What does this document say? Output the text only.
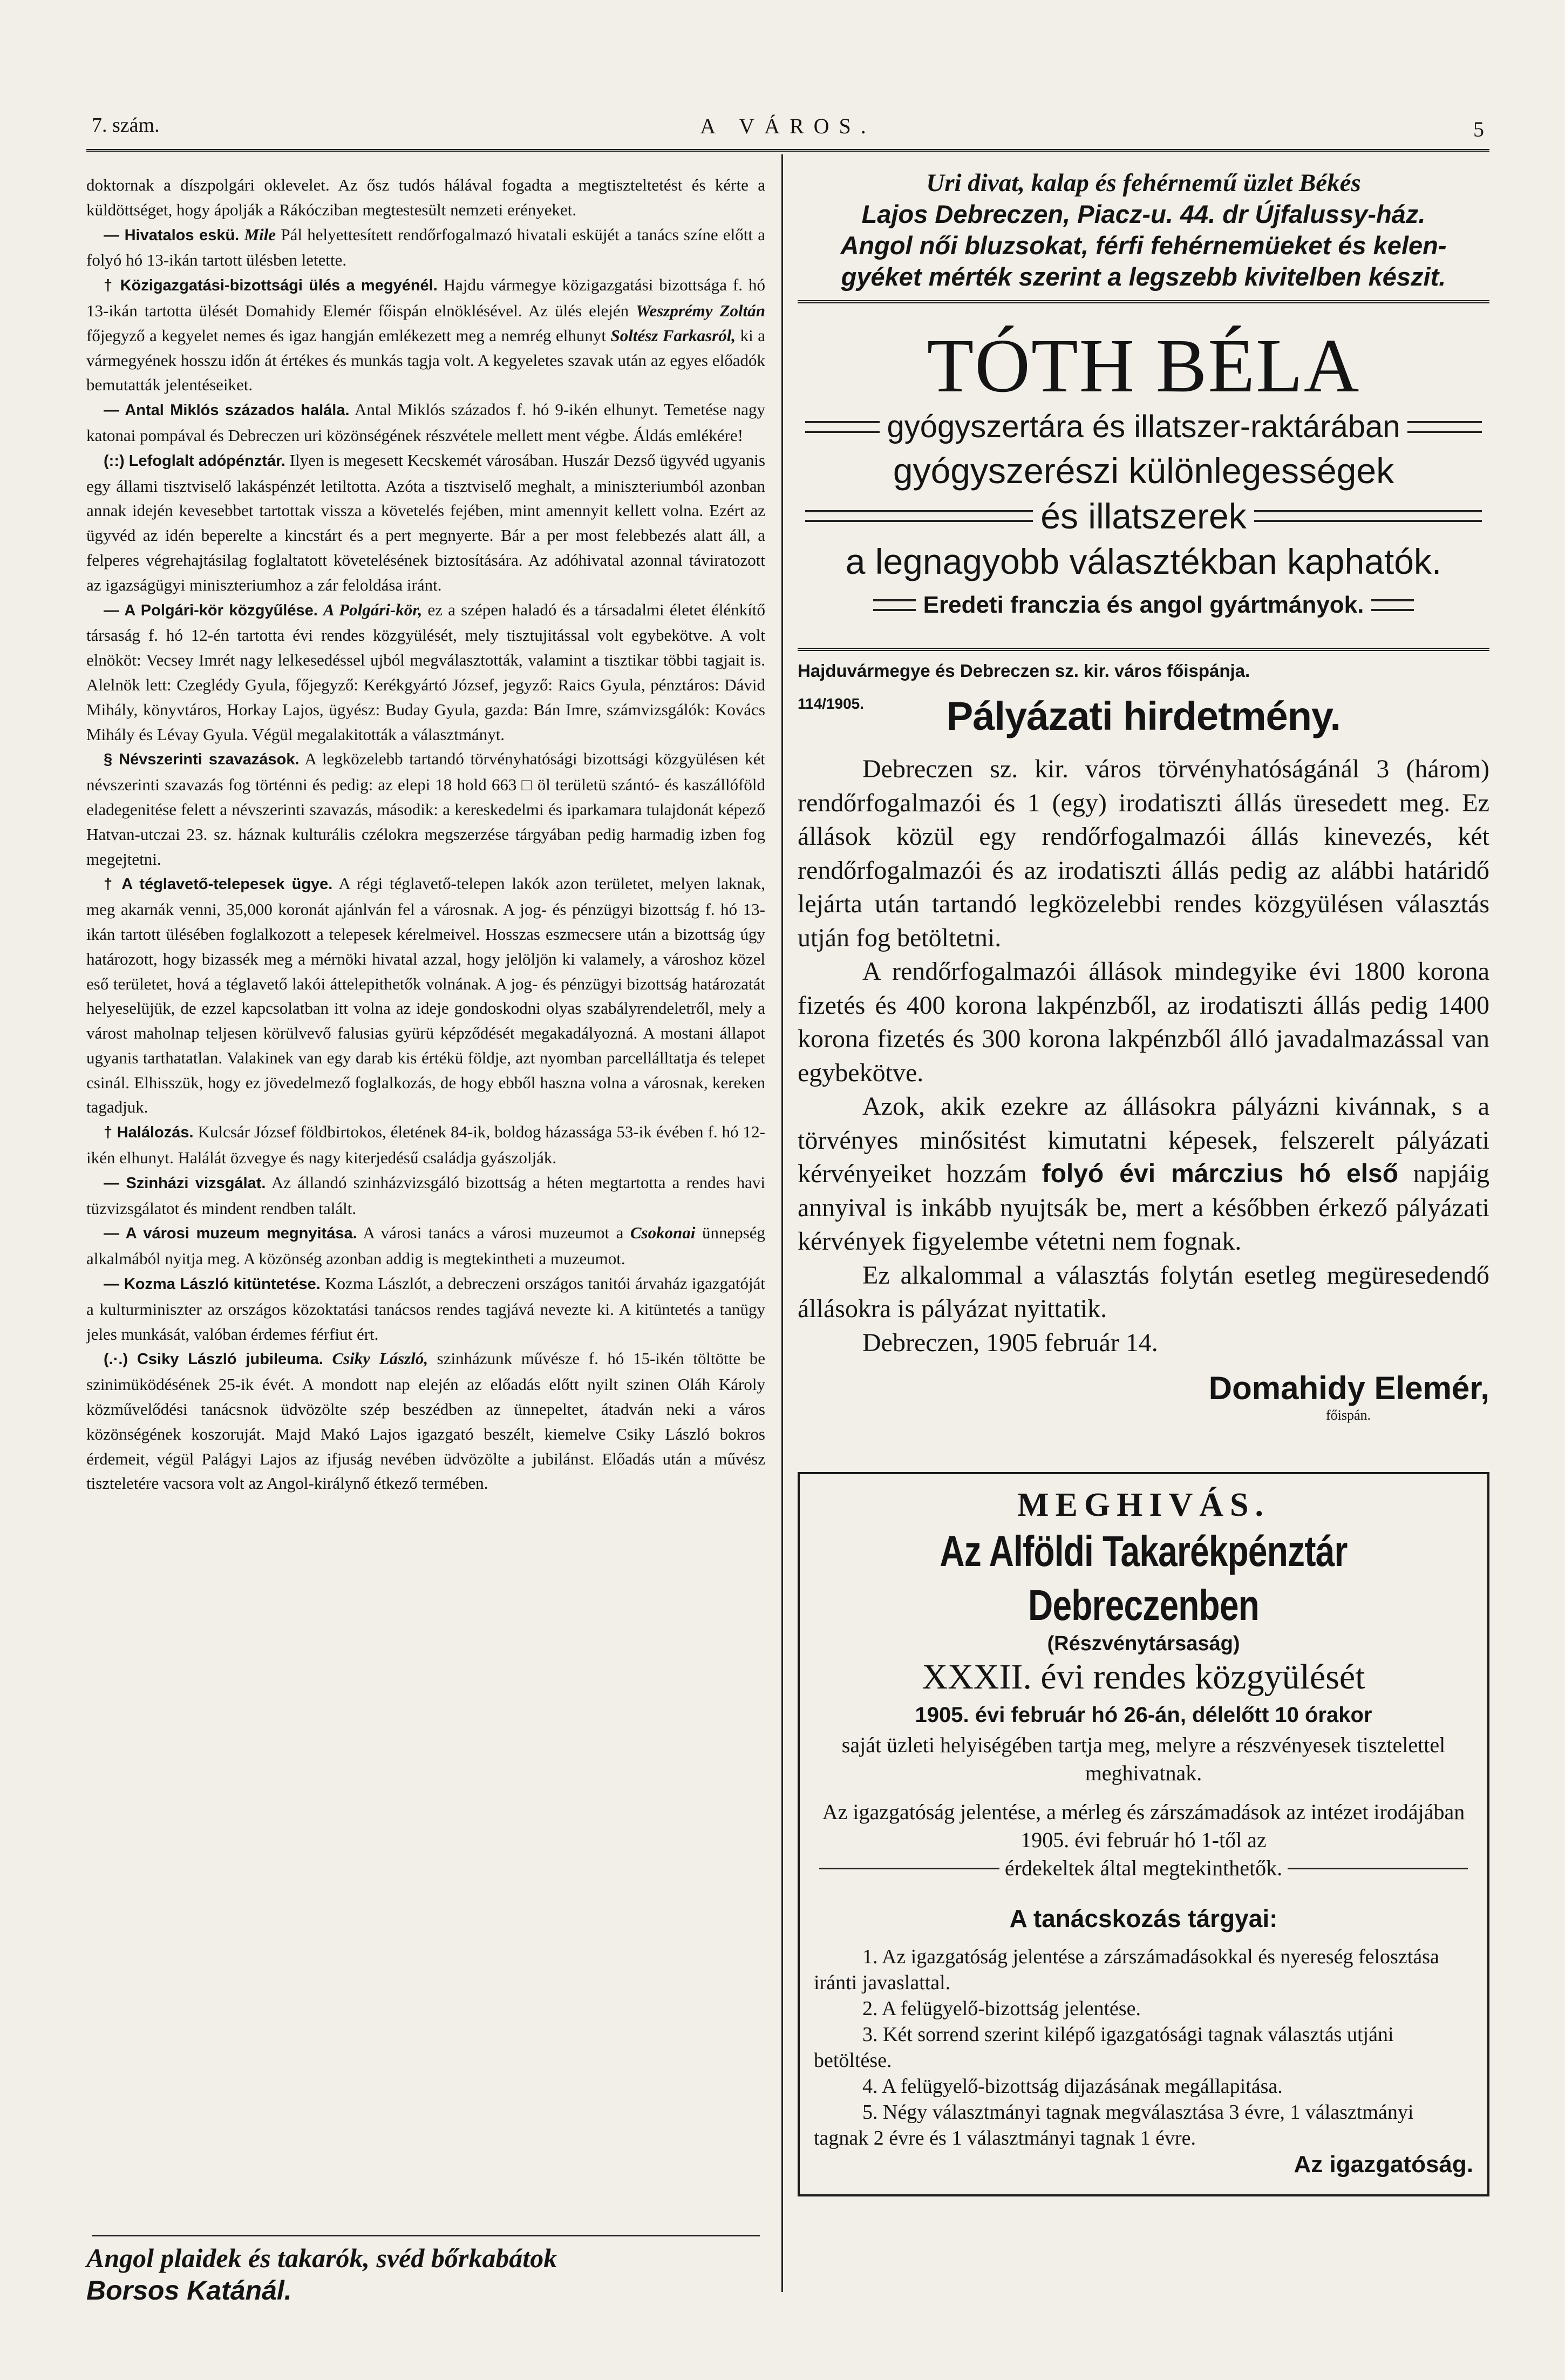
7. szám.	A VÁROS.	5

doktornak a díszpolgári oklevelet. Az ősz tudós hálával fogadta a megtiszteltetést és kérte a küldöttséget, hogy ápolják a Rákócziban megtestesült nemzeti erényeket.

— Hivatalos eskü. Mile Pál helyettesített rendőrfogalmazó hivatali esküjét a tanács színe előtt a folyó hó 13-ikán tartott ülésben letette.

† Közigazgatási-bizottsági ülés a megyénél. Hajdu vármegye közigazgatási bizottsága f. hó 13-ikán tartotta ülését Domahidy Elemér főispán elnöklésével. Az ülés elején Weszprémy Zoltán főjegyző a kegyelet nemes és igaz hangján emlékezett meg a nemrég elhunyt Soltész Farkasról, ki a vármegyének hosszu időn át értékes és munkás tagja volt. A kegyeletes szavak után az egyes előadók bemutatták jelentéseiket.

— Antal Miklós százados halála. Antal Miklós százados f. hó 9-ikén elhunyt. Temetése nagy katonai pompával és Debreczen uri közönségének részvétele mellett ment végbe. Áldás emlékére!

(::) Lefoglalt adópénztár. Ilyen is megesett Kecskemét városában. Huszár Dezső ügyvéd ugyanis egy állami tisztviselő lakáspénzét letiltotta. Azóta a tisztviselő meghalt, a miniszteriumból azonban annak idején kevesebbet tartottak vissza a követelés fejében, mint amennyit kellett volna. Ezért az ügyvéd az idén beperelte a kincstárt és a pert megnyerte. Bár a per most felebbezés alatt áll, a felperes végrehajtásilag foglaltatott követelésének biztosítására. Az adóhivatal azonnal táviratozott az igazságügyi miniszteriumhoz a zár feloldása iránt.

— A Polgári-kör közgyűlése. A Polgári-kör, ez a szépen haladó és a társadalmi életet élénkítő társaság f. hó 12-én tartotta évi rendes közgyülését, mely tisztujitással volt egybekötve. A volt elnököt: Vecsey Imrét nagy lelkesedéssel ujból megválasztották, valamint a tisztikar többi tagjait is. Alelnök lett: Czeglédy Gyula, főjegyző: Kerékgyártó József, jegyző: Raics Gyula, pénztáros: Dávid Mihály, könyvtáros, Horkay Lajos, ügyész: Buday Gyula, gazda: Bán Imre, számvizsgálók: Kovács Mihály és Lévay Gyula. Végül megalakitották a választmányt.

§ Névszerinti szavazások. A legközelebb tartandó törvényhatósági bizottsági közgyülésen két névszerinti szavazás fog történni és pedig: az elepi 18 hold 663 □ öl területü szántó- és kaszállóföld eladegenitése felett a névszerinti szavazás, második: a kereskedelmi és iparkamara tulajdonát képező Hatvan-utczai 23. sz. háznak kulturális czélokra megszerzése tárgyában pedig harmadig izben fog megejtetni.

† A téglavető-telepesek ügye. A régi téglavető-telepen lakók azon területet, melyen laknak, meg akarnák venni, 35,000 koronát ajánlván fel a városnak. A jog- és pénzügyi bizottság f. hó 13-ikán tartott ülésében foglalkozott a telepesek kérelmeivel. Hosszas eszmecsere után a bizottság úgy határozott, hogy bizassék meg a mérnöki hivatal azzal, hogy jelöljön ki valamely, a városhoz közel eső területet, hová a téglavető lakói áttelepithetők volnának. A jog- és pénzügyi bizottság határozatát helyeselüjük, de ezzel kapcsolatban itt volna az ideje gondoskodni olyas szabályrendeletről, mely a várost maholnap teljesen körülvevő falusias gyürü képződését megakadályozná. A mostani állapot ugyanis tarthatatlan. Valakinek van egy darab kis értékü földje, azt nyomban parcellálltatja és telepet csinál. Elhisszük, hogy ez jövedelmező foglalkozás, de hogy ebből haszna volna a városnak, kereken tagadjuk.

† Halálozás. Kulcsár József földbirtokos, életének 84-ik, boldog házassága 53-ik évében f. hó 12-ikén elhunyt. Halálát özvegye és nagy kiterjedésű családja gyászolják.

— Szinházi vizsgálat. Az állandó szinházvizsgáló bizottság a héten megtartotta a rendes havi tüzvizsgálatot és mindent rendben talált.

— A városi muzeum megnyitása. A városi tanács a városi muzeumot a Csokonai ünnepség alkalmából nyitja meg. A közönség azonban addig is megtekintheti a muzeumot.

— Kozma László kitüntetése. Kozma Lászlót, a debreczeni országos tanitói árvaház igazgatóját a kulturminiszter az országos közoktatási tanácsos rendes tagjává nevezte ki. A kitüntetés a tanügy jeles munkását, valóban érdemes férfiut ért.

(.·.) Csiky László jubileuma. Csiky László, szinházunk művésze f. hó 15-ikén töltötte be szinimüködésének 25-ik évét. A mondott nap elején az előadás előtt nyilt szinen Oláh Károly közművelődési tanácsnok üdvözölte szép beszédben az ünnepeltet, átadván neki a város közönségének koszoruját. Majd Makó Lajos igazgató beszélt, kiemelve Csiky László bokros érdemeit, végül Palágyi Lajos az ifjuság nevében üdvözölte a jubilánst. Előadás után a művész tiszteletére vacsora volt az Angol-királynő étkező termében.

Angol plaidek és takarók, svéd bőrkabátok
Borsos Katánál.
Uri divat, kalap és fehérnemű üzlet Békés
Lajos Debreczen, Piacz-u. 44. dr Újfalussy-ház.
Angol női bluzsokat, férfi fehérnemüeket és kelen-
gyéket mérték szerint a legszebb kivitelben készit.
TÓTH BÉLA
gyógyszertára és illatszer-raktárában
gyógyszerészi különlegességek
és illatszerek
a legnagyobb választékban kaphatók.
Eredeti franczia és angol gyártmányok.
Hajduvármegye és Debreczen sz. kir. város főispánja.
114/1905.	Pályázati hirdetmény.

Debreczen sz. kir. város törvényhatóságánál 3 (három) rendőrfogalmazói és 1 (egy) irodatiszti állás üresedett meg. Ez állások közül egy rendőrfogalmazói állás kinevezés, két rendőrfogalmazói és az irodatiszti állás pedig az alábbi határidő lejárta után tartandó legközelebbi rendes közgyülésen választás utján fog betöltetni.

A rendőrfogalmazói állások mindegyike évi 1800 korona fizetés és 400 korona lakpénzből, az irodatiszti állás pedig 1400 korona fizetés és 300 korona lakpénzből álló javadalmazással van egybekötve.

Azok, akik ezekre az állásokra pályázni kivánnak, s a törvényes minősitést kimutatni képesek, felszerelt pályázati kérvényeiket hozzám folyó évi márczius hó első napjáig annyival is inkább nyujtsák be, mert a későbben érkező pályázati kérvények figyelembe vétetni nem fognak.

Ez alkalommal a választás folytán esetleg megüresedendő állásokra is pályázat nyittatik.

Debreczen, 1905 február 14.

Domahidy Elemér,
főispán.
MEGHIVÁS.
Az Alföldi Takarékpénztár Debreczenben
(Részvénytársaság)
XXXII. évi rendes közgyülését
1905. évi február hó 26-án, délelőtt 10 órakor
saját üzleti helyiségében tartja meg, melyre a részvényesek tisztelettel meghivatnak.
Az igazgatóság jelentése, a mérleg és zárszámadások az intézet irodájában 1905. évi február hó 1-től az
érdekeltek által megtekinthetők.
A tanácskozás tárgyai:
1. Az igazgatóság jelentése a zárszámadásokkal és nyereség felosztása iránti javaslattal.
2. A felügyelő-bizottság jelentése.
3. Két sorrend szerint kilépő igazgatósági tagnak választás utjáni betöltése.
4. A felügyelő-bizottság dijazásának megállapitása.
5. Négy választmányi tagnak megválasztása 3 évre, 1 választmányi tagnak 2 évre és 1 választmányi tagnak 1 évre.
Az igazgatóság.
